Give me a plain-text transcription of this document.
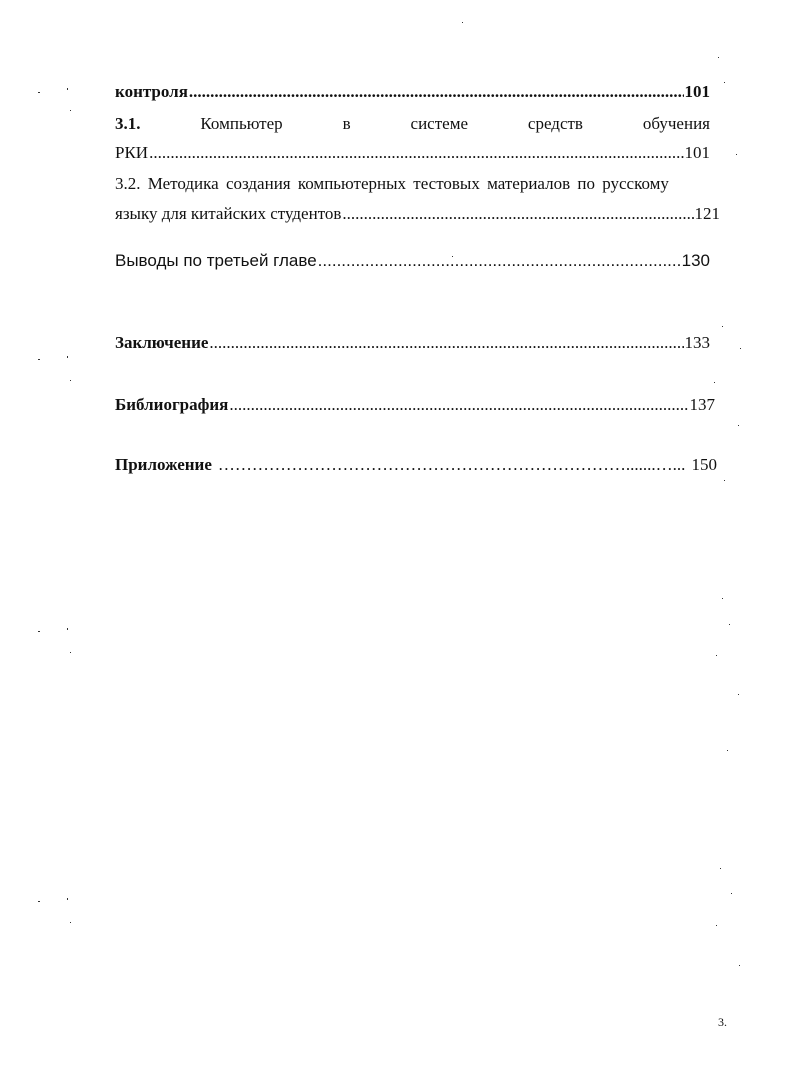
контроля .....	101
3.1.	Компьютер	в	системе	средств	обучения
РКИ .....	101
3.2. Методика создания компьютерных тестовых материалов по русскому
языку для китайских студентов .....	121
Выводы по третьей главе .....	130
Заключение .....	133
Библиография .....	137
Приложение ……………………………………………………………….......…... 150
3.
